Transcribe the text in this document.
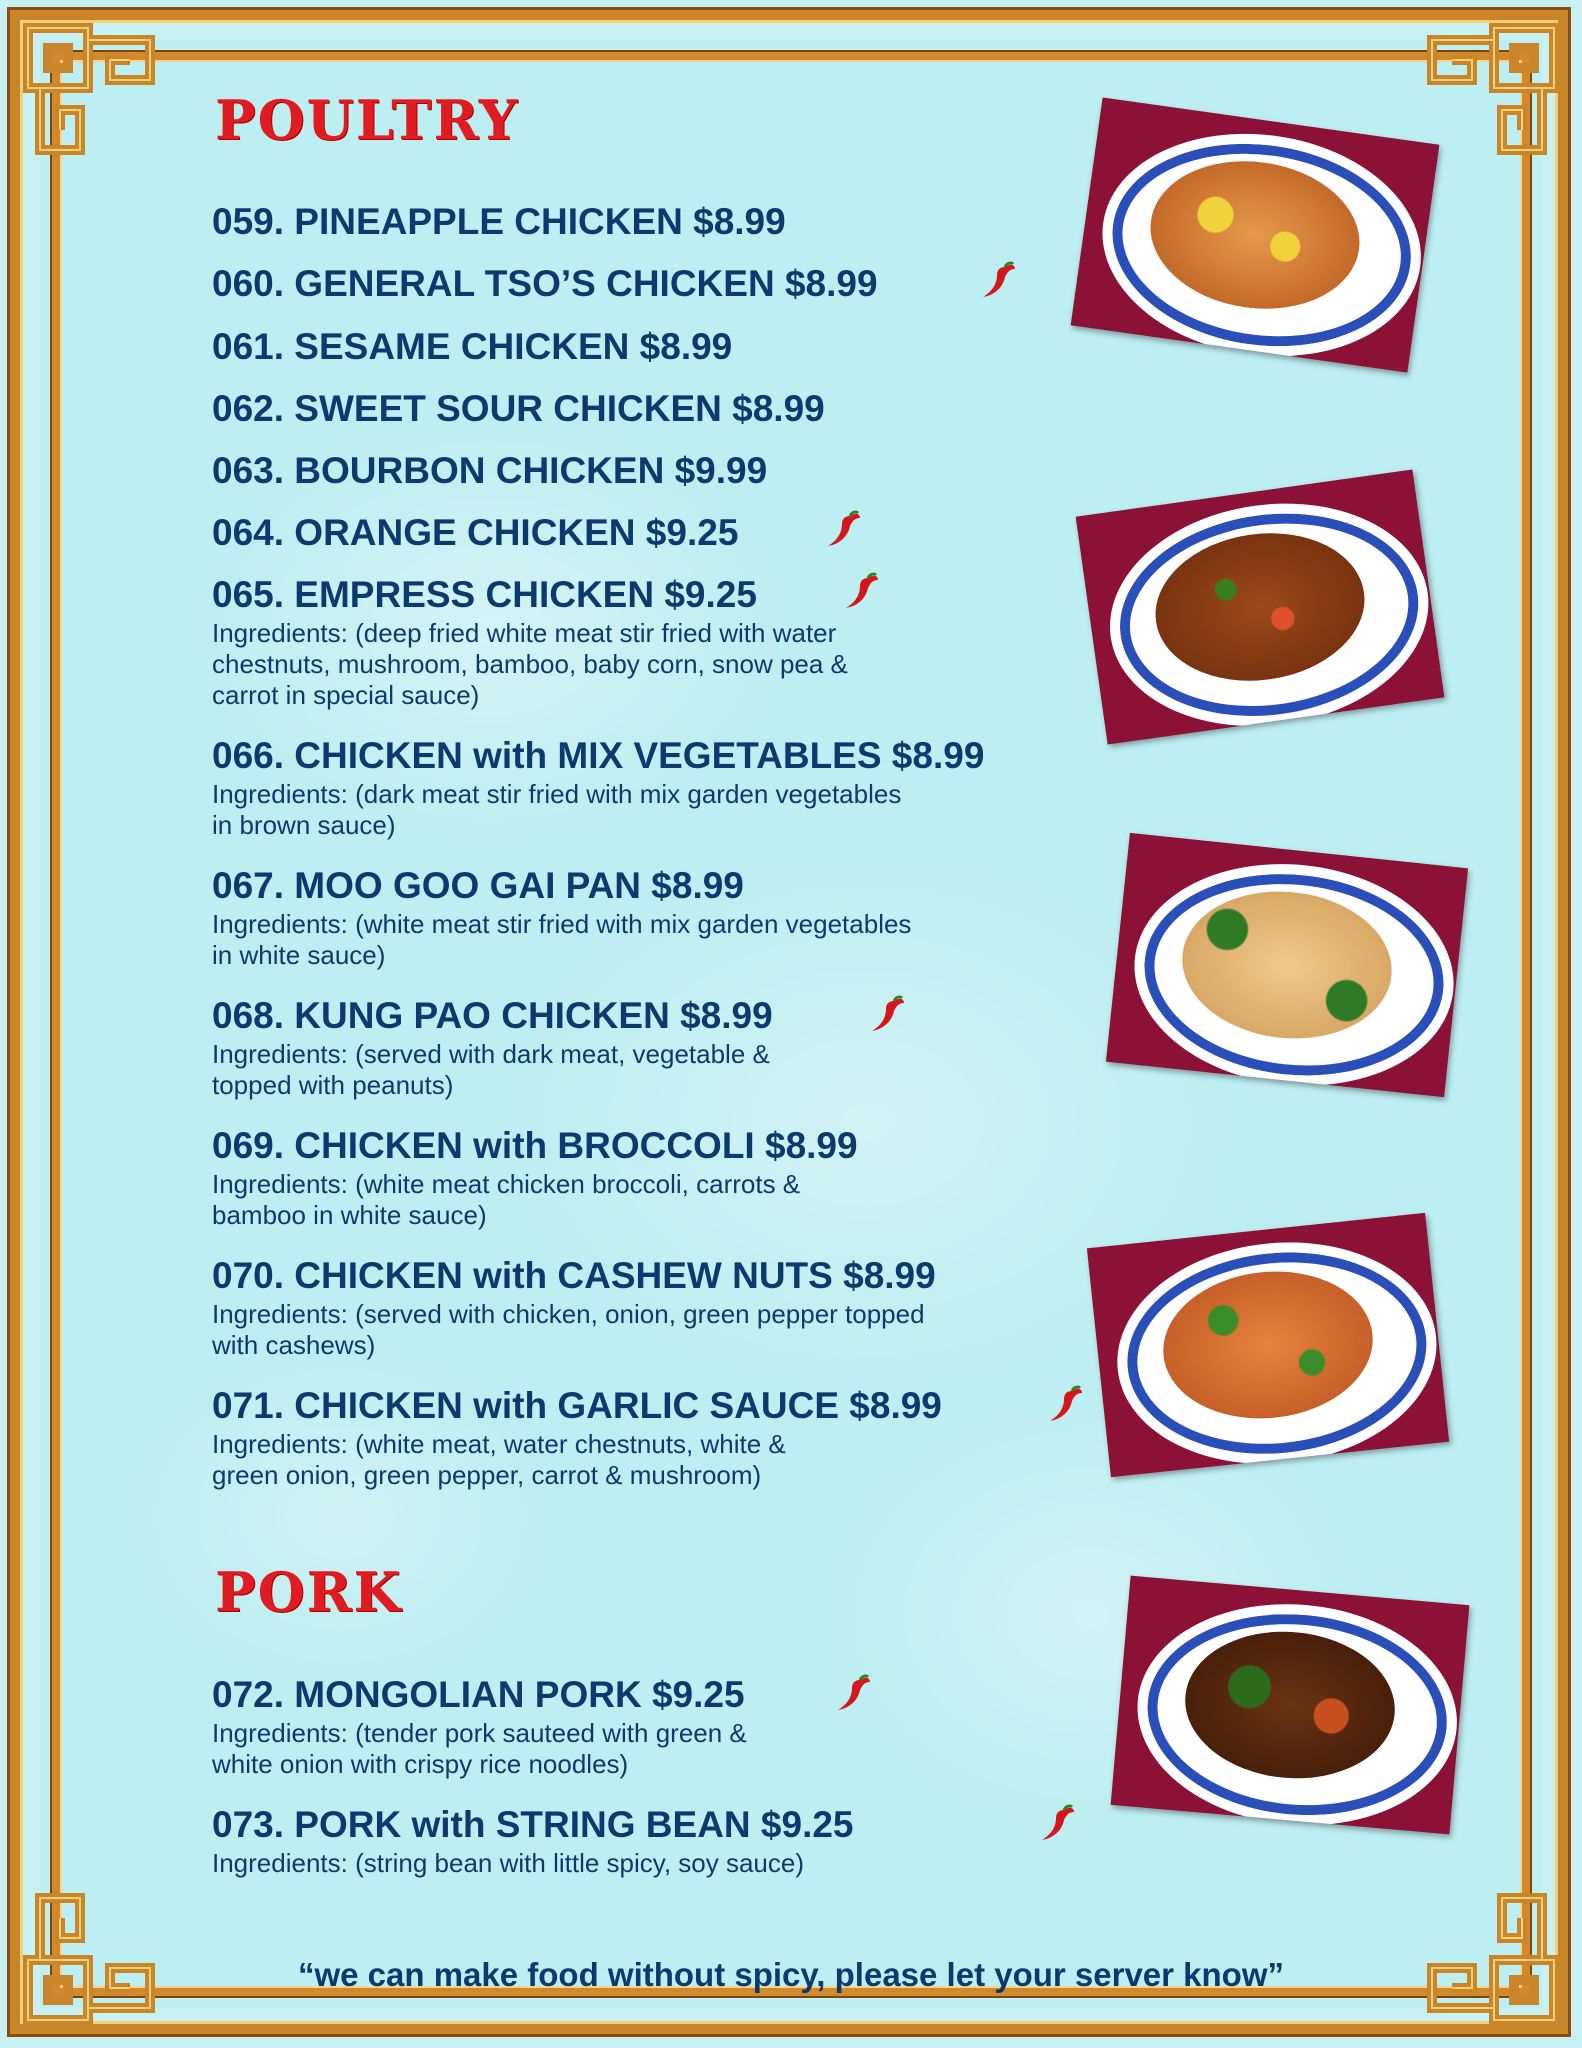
POULTRY
PORK
059. PINEAPPLE CHICKEN $8.99
060. GENERAL TSO’S CHICKEN $8.99
061. SESAME CHICKEN $8.99
062. SWEET SOUR CHICKEN $8.99
063. BOURBON CHICKEN $9.99
064. ORANGE CHICKEN $9.25
065. EMPRESS CHICKEN $9.25
Ingredients: (deep fried white meat stir fried with water
chestnuts, mushroom, bamboo, baby corn, snow pea &
carrot in special sauce)
066. CHICKEN with MIX VEGETABLES $8.99
Ingredients: (dark meat stir fried with mix garden vegetables
in brown sauce)
067. MOO GOO GAI PAN $8.99
Ingredients: (white meat stir fried with mix garden vegetables
in white sauce)
068. KUNG PAO CHICKEN $8.99
Ingredients: (served with dark meat, vegetable &
topped with peanuts)
069. CHICKEN with BROCCOLI $8.99
Ingredients: (white meat chicken broccoli, carrots &
bamboo in white sauce)
070. CHICKEN with CASHEW NUTS $8.99
Ingredients: (served with chicken, onion, green pepper topped
with cashews)
071. CHICKEN with GARLIC SAUCE $8.99
Ingredients: (white meat, water chestnuts, white &
green onion, green pepper, carrot & mushroom)
072. MONGOLIAN PORK $9.25
Ingredients: (tender pork sauteed with green &
white onion with crispy rice noodles)
073. PORK with STRING BEAN $9.25
Ingredients: (string bean with little spicy, soy sauce)
“we can make food without spicy, please let your server know”
